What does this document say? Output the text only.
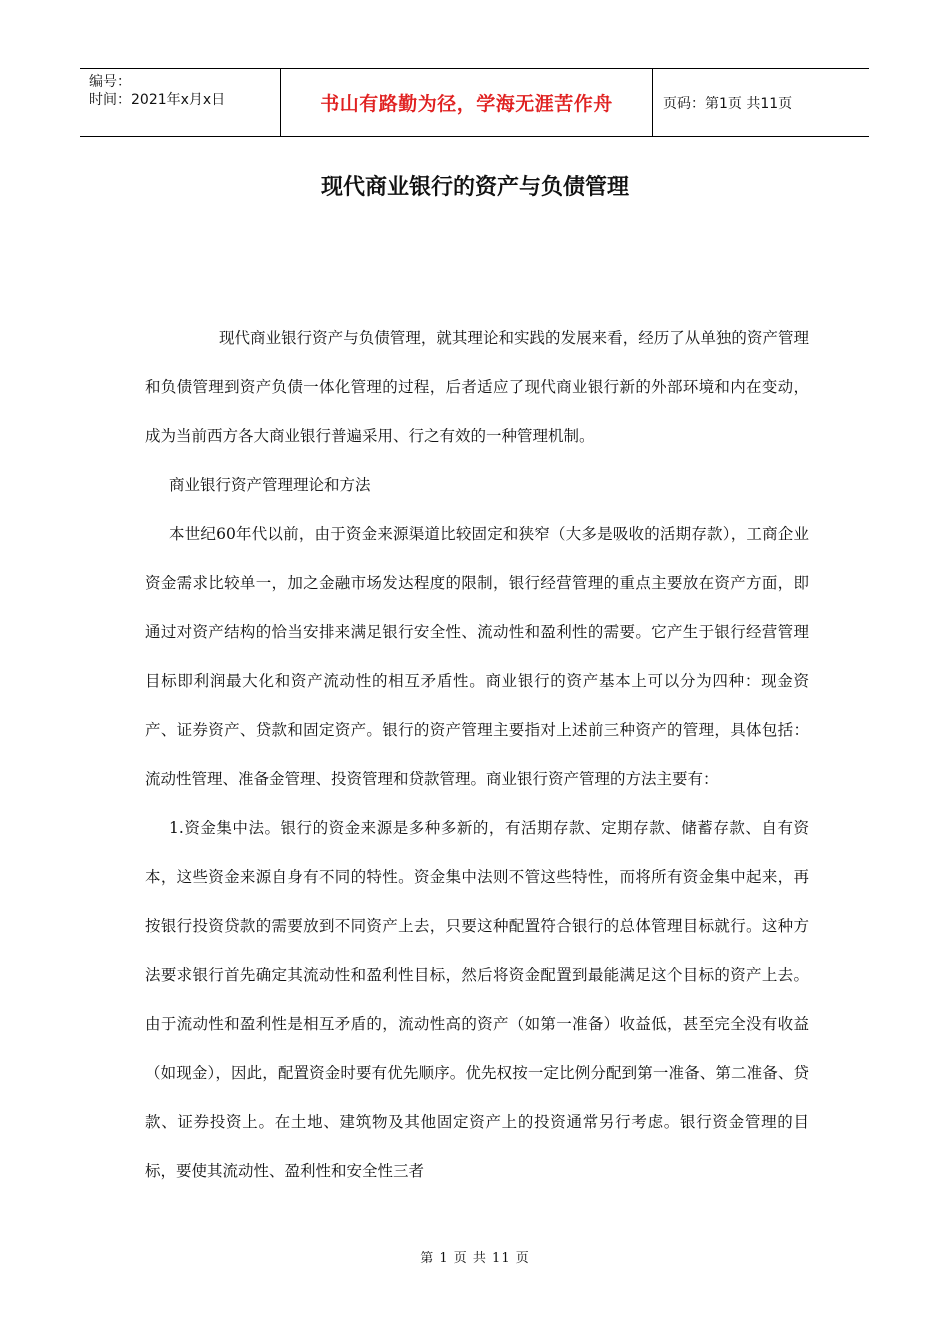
编号：
时间：2021年x月x日	书山有路勤为径，学海无涯苦作舟	页码：第1页 共11页
现代商业银行的资产与负债管理

现代商业银行资产与负债管理，就其理论和实践的发展来看，经历了从单独的资产管理和负债管理到资产负债一体化管理的过程，后者适应了现代商业银行新的外部环境和内在变动，成为当前西方各大商业银行普遍采用、行之有效的一种管理机制。

商业银行资产管理理论和方法

本世纪60年代以前，由于资金来源渠道比较固定和狭窄（大多是吸收的活期存款），工商企业资金需求比较单一，加之金融市场发达程度的限制，银行经营管理的重点主要放在资产方面，即通过对资产结构的恰当安排来满足银行安全性、流动性和盈利性的需要。它产生于银行经营管理目标即利润最大化和资产流动性的相互矛盾性。商业银行的资产基本上可以分为四种：现金资产、证券资产、贷款和固定资产。银行的资产管理主要指对上述前三种资产的管理，具体包括：流动性管理、准备金管理、投资管理和贷款管理。商业银行资产管理的方法主要有：

1.资金集中法。银行的资金来源是多种多新的，有活期存款、定期存款、储蓄存款、自有资本，这些资金来源自身有不同的特性。资金集中法则不管这些特性，而将所有资金集中起来，再按银行投资贷款的需要放到不同资产上去，只要这种配置符合银行的总体管理目标就行。这种方法要求银行首先确定其流动性和盈利性目标，然后将资金配置到最能满足这个目标的资产上去。由于流动性和盈利性是相互矛盾的，流动性高的资产（如第一准备）收益低，甚至完全没有收益（如现金），因此，配置资金时要有优先顺序。优先权按一定比例分配到第一准备、第二准备、贷款、证券投资上。在土地、建筑物及其他固定资产上的投资通常另行考虑。银行资金管理的目标，要使其流动性、盈利性和安全性三者

第 1 页 共 11 页
